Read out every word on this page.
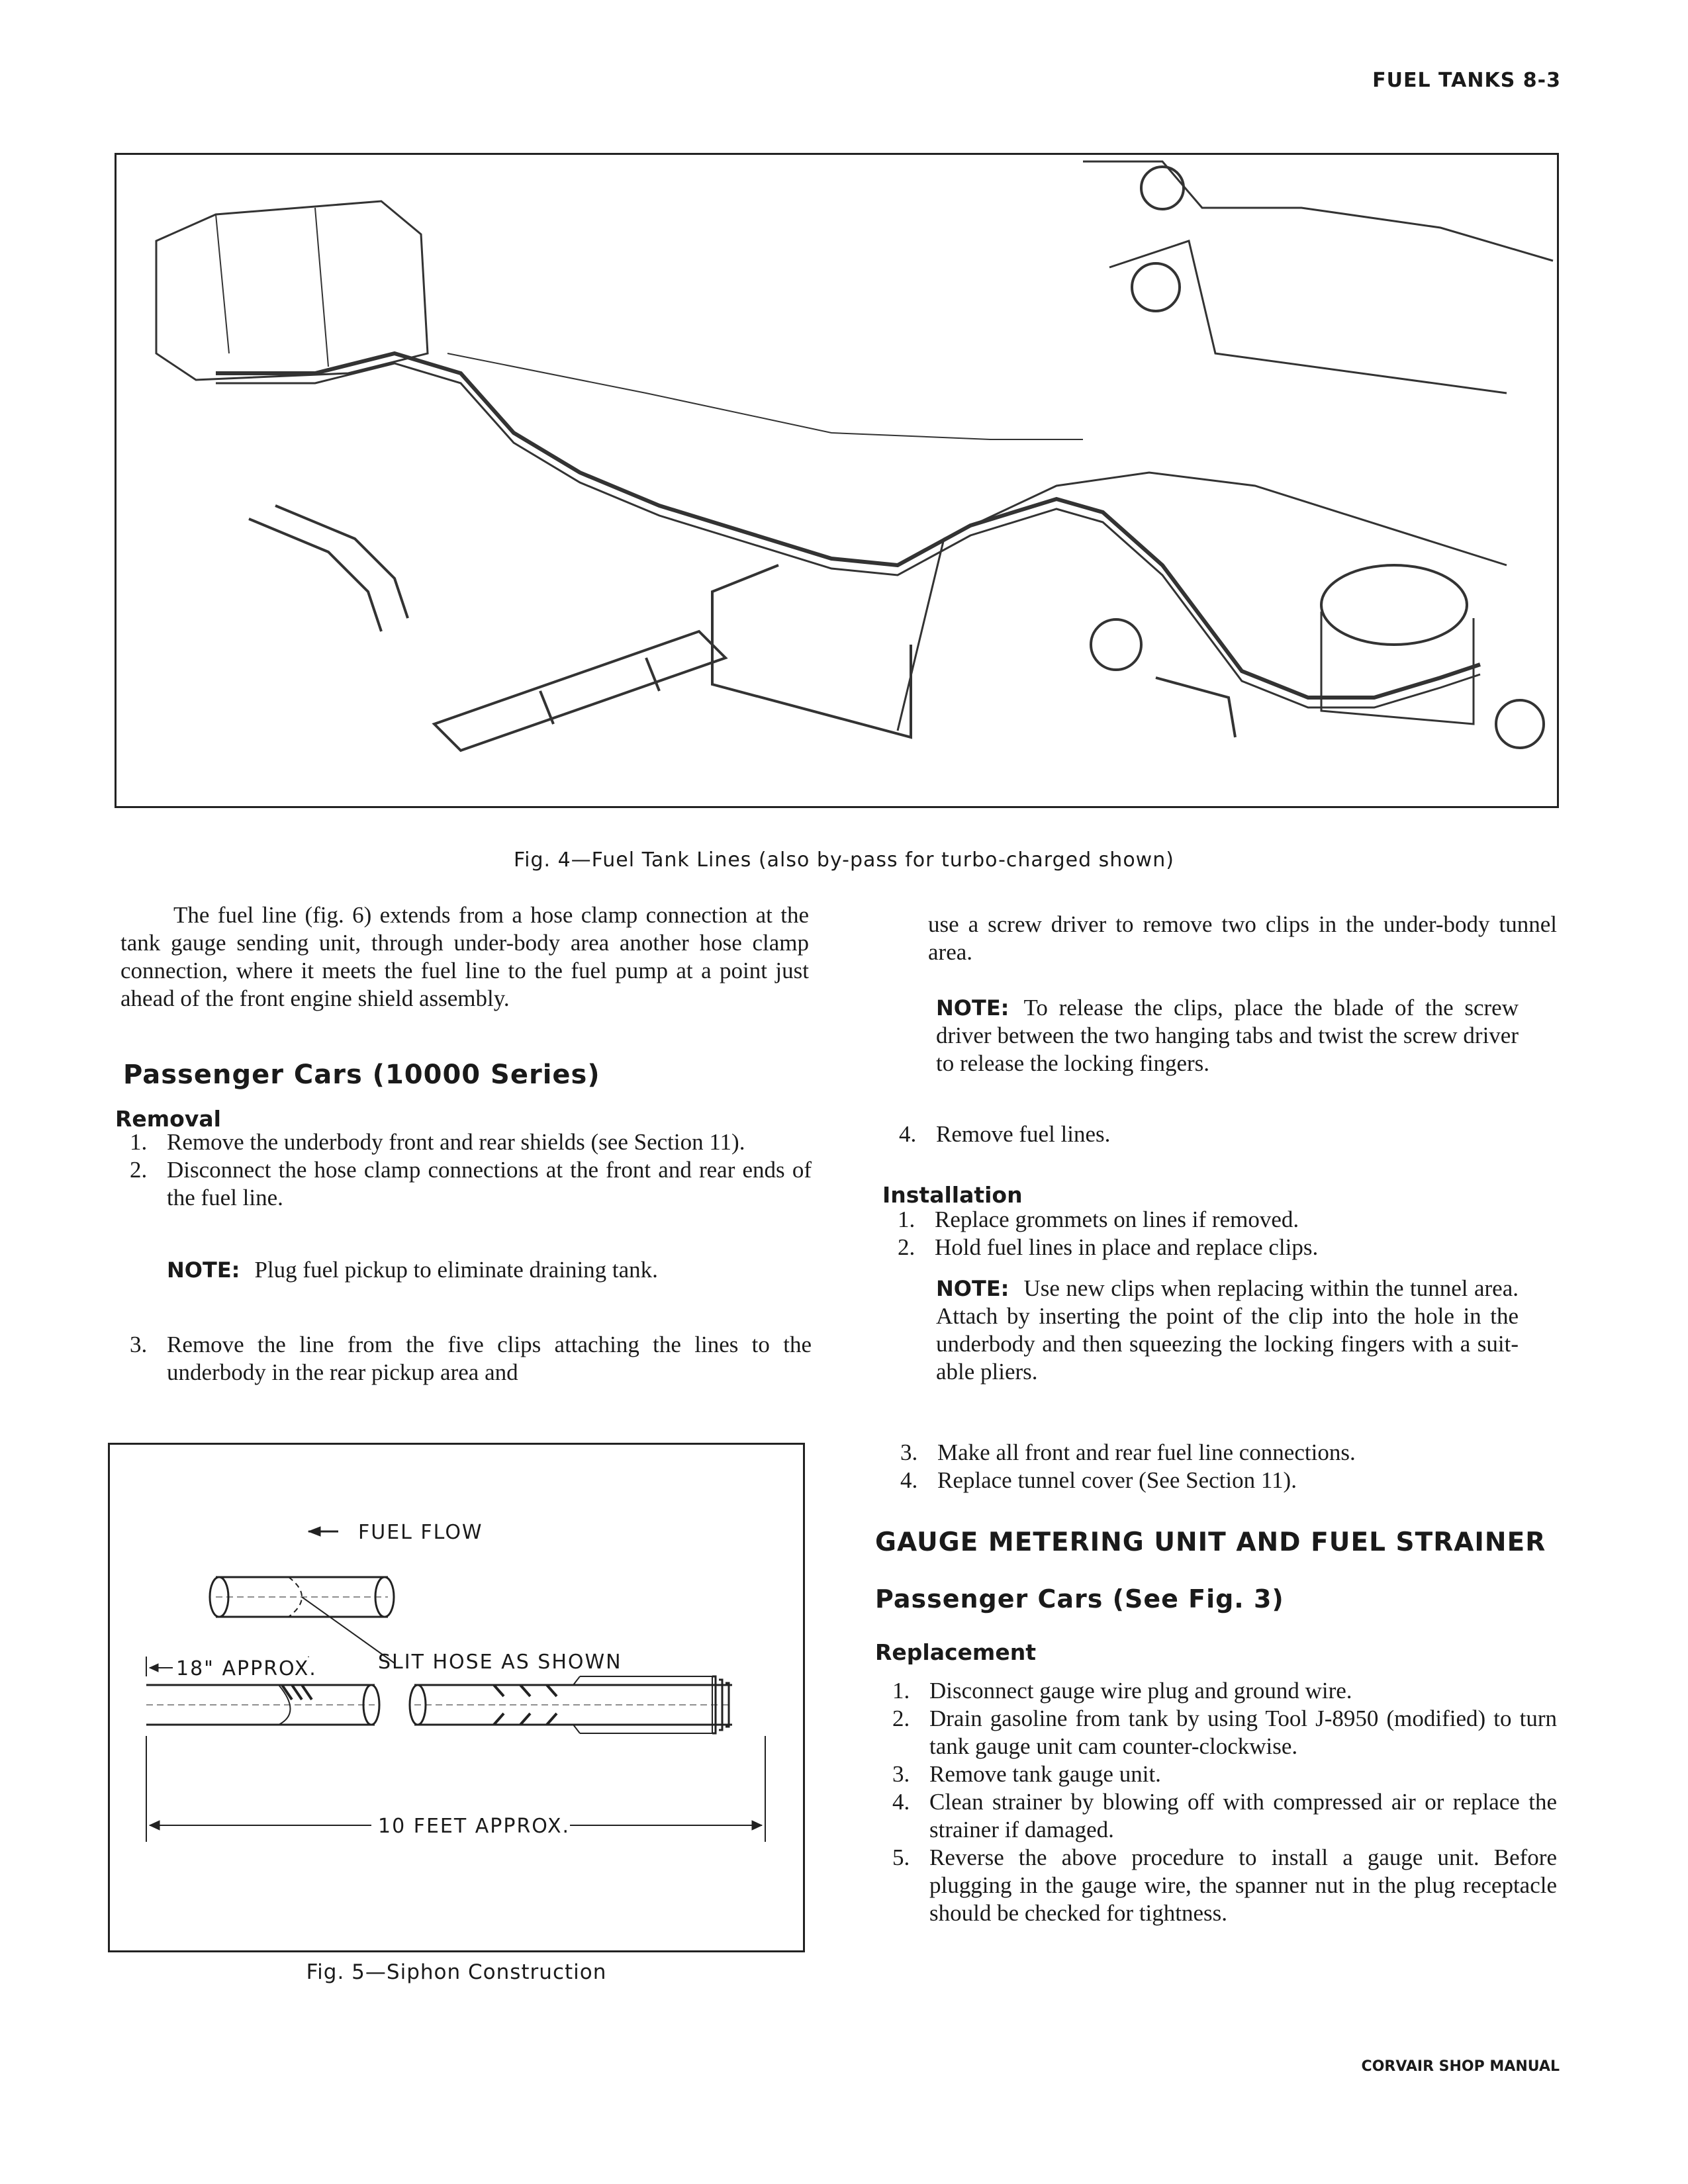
FUEL TANKS 8-3
Fig. 4—Fuel Tank Lines (also by-pass for turbo-charged shown)
The fuel line (fig. 6) extends from a hose clamp connection at the tank gauge sending unit, through under-body area another hose clamp connection, where it meets the fuel line to the fuel pump at a point just ahead of the front engine shield assembly.
Passenger Cars (10000 Series)
Removal
1. Remove the underbody front and rear shields (see Section 11).
2. Disconnect the hose clamp connections at the front and rear ends of the fuel line.
NOTE: Plug fuel pickup to eliminate draining tank.
3. Remove the line from the five clips attaching the lines to the underbody in the rear pickup area and
FUEL FLOW
SLIT HOSE AS SHOWN
18" APPROX.
10 FEET APPROX.
Fig. 5—Siphon Construction
use a screw driver to remove two clips in the under-body tunnel area.
NOTE: To release the clips, place the blade of the screw driver between the two hanging tabs and twist the screw driver to release the locking fingers.
4. Remove fuel lines.
Installation
1. Replace grommets on lines if removed.
2. Hold fuel lines in place and replace clips.
NOTE: Use new clips when replacing within the tunnel area. Attach by inserting the point of the clip into the hole in the underbody and then squeezing the locking fingers with a suit-able pliers.
3. Make all front and rear fuel line connections.
4. Replace tunnel cover (See Section 11).
GAUGE METERING UNIT AND FUEL STRAINER
Passenger Cars (See Fig. 3)
Replacement
1. Disconnect gauge wire plug and ground wire.
2. Drain gasoline from tank by using Tool J-8950 (modified) to turn tank gauge unit cam counter-clockwise.
3. Remove tank gauge unit.
4. Clean strainer by blowing off with compressed air or replace the strainer if damaged.
5. Reverse the above procedure to install a gauge unit. Before plugging in the gauge wire, the spanner nut in the plug receptacle should be checked for tightness.
CORVAIR SHOP MANUAL
